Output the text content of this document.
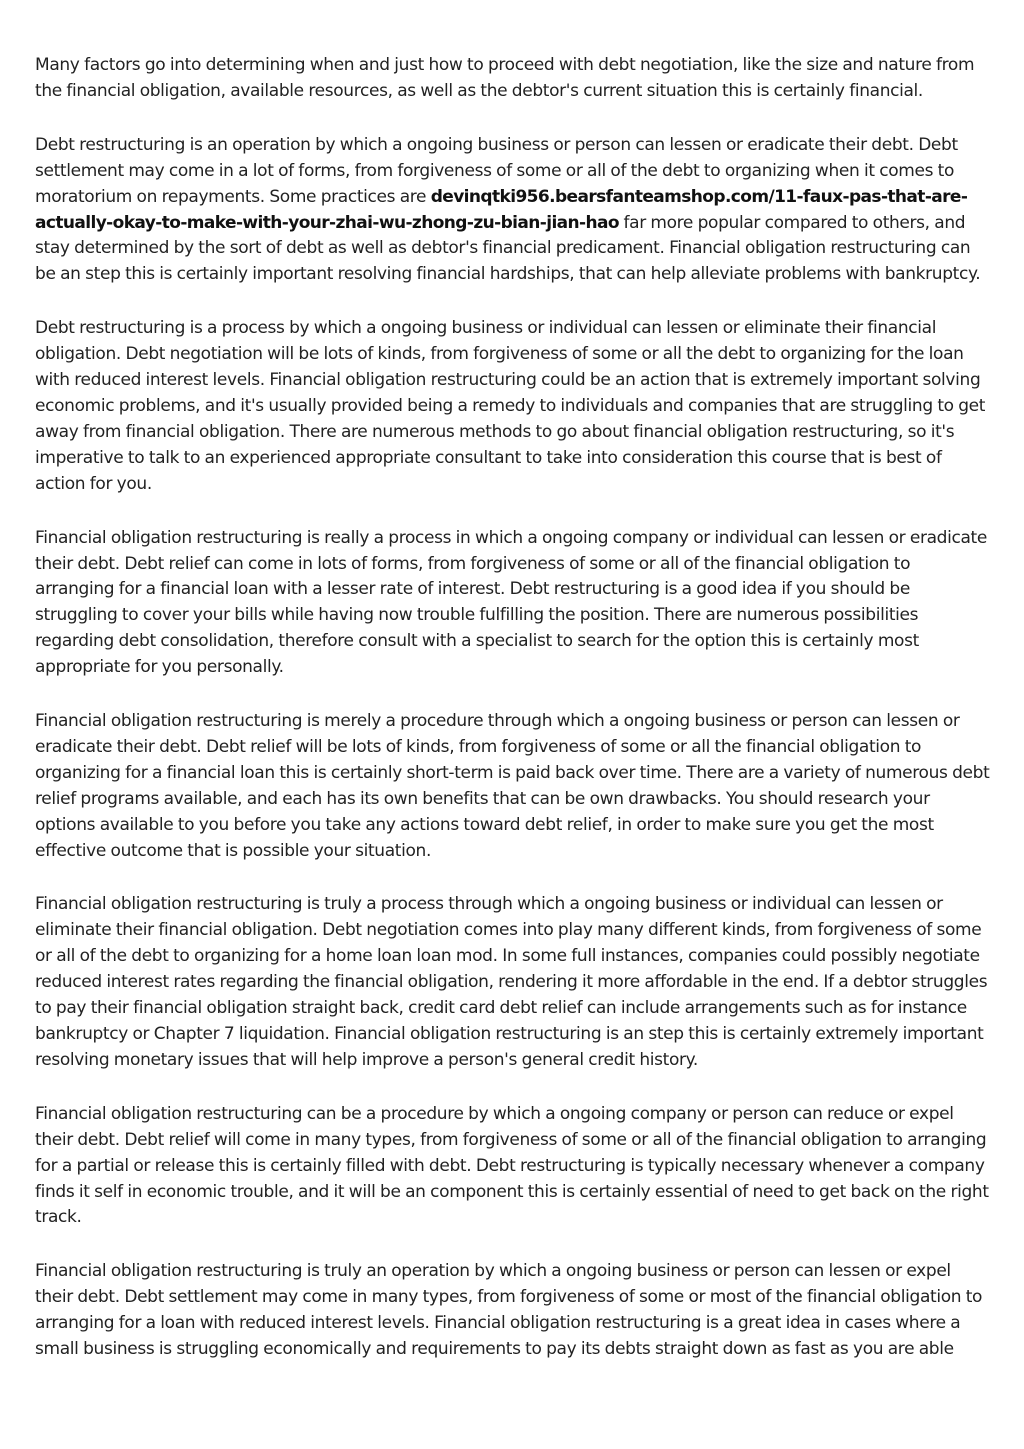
Many factors go into determining when and just how to proceed with debt negotiation, like the size and nature from the financial obligation, available resources, as well as the debtor's current situation this is certainly financial.

Debt restructuring is an operation by which a ongoing business or person can lessen or eradicate their debt. Debt settlement may come in a lot of forms, from forgiveness of some or all of the debt to organizing when it comes to moratorium on repayments. Some practices are devinqtki956.bearsfanteamshop.com/11-faux-pas-that-are-actually-okay-to-make-with-your-zhai-wu-zhong-zu-bian-jian-hao far more popular compared to others, and stay determined by the sort of debt as well as debtor's financial predicament. Financial obligation restructuring can be an step this is certainly important resolving financial hardships, that can help alleviate problems with bankruptcy.

Debt restructuring is a process by which a ongoing business or individual can lessen or eliminate their financial obligation. Debt negotiation will be lots of kinds, from forgiveness of some or all the debt to organizing for the loan with reduced interest levels. Financial obligation restructuring could be an action that is extremely important solving economic problems, and it's usually provided being a remedy to individuals and companies that are struggling to get away from financial obligation. There are numerous methods to go about financial obligation restructuring, so it's imperative to talk to an experienced appropriate consultant to take into consideration this course that is best of action for you.

Financial obligation restructuring is really a process in which a ongoing company or individual can lessen or eradicate their debt. Debt relief can come in lots of forms, from forgiveness of some or all of the financial obligation to arranging for a financial loan with a lesser rate of interest. Debt restructuring is a good idea if you should be struggling to cover your bills while having now trouble fulfilling the position. There are numerous possibilities regarding debt consolidation, therefore consult with a specialist to search for the option this is certainly most appropriate for you personally.

Financial obligation restructuring is merely a procedure through which a ongoing business or person can lessen or eradicate their debt. Debt relief will be lots of kinds, from forgiveness of some or all the financial obligation to organizing for a financial loan this is certainly short-term is paid back over time. There are a variety of numerous debt relief programs available, and each has its own benefits that can be own drawbacks. You should research your options available to you before you take any actions toward debt relief, in order to make sure you get the most effective outcome that is possible your situation.

Financial obligation restructuring is truly a process through which a ongoing business or individual can lessen or eliminate their financial obligation. Debt negotiation comes into play many different kinds, from forgiveness of some or all of the debt to organizing for a home loan loan mod. In some full instances, companies could possibly negotiate reduced interest rates regarding the financial obligation, rendering it more affordable in the end. If a debtor struggles to pay their financial obligation straight back, credit card debt relief can include arrangements such as for instance bankruptcy or Chapter 7 liquidation. Financial obligation restructuring is an step this is certainly extremely important resolving monetary issues that will help improve a person's general credit history.

Financial obligation restructuring can be a procedure by which a ongoing company or person can reduce or expel their debt. Debt relief will come in many types, from forgiveness of some or all of the financial obligation to arranging for a partial or release this is certainly filled with debt. Debt restructuring is typically necessary whenever a company finds it self in economic trouble, and it will be an component this is certainly essential of need to get back on the right track.

Financial obligation restructuring is truly an operation by which a ongoing business or person can lessen or expel their debt. Debt settlement may come in many types, from forgiveness of some or most of the financial obligation to arranging for a loan with reduced interest levels. Financial obligation restructuring is a great idea in cases where a small business is struggling economically and requirements to pay its debts straight down as fast as you are able
